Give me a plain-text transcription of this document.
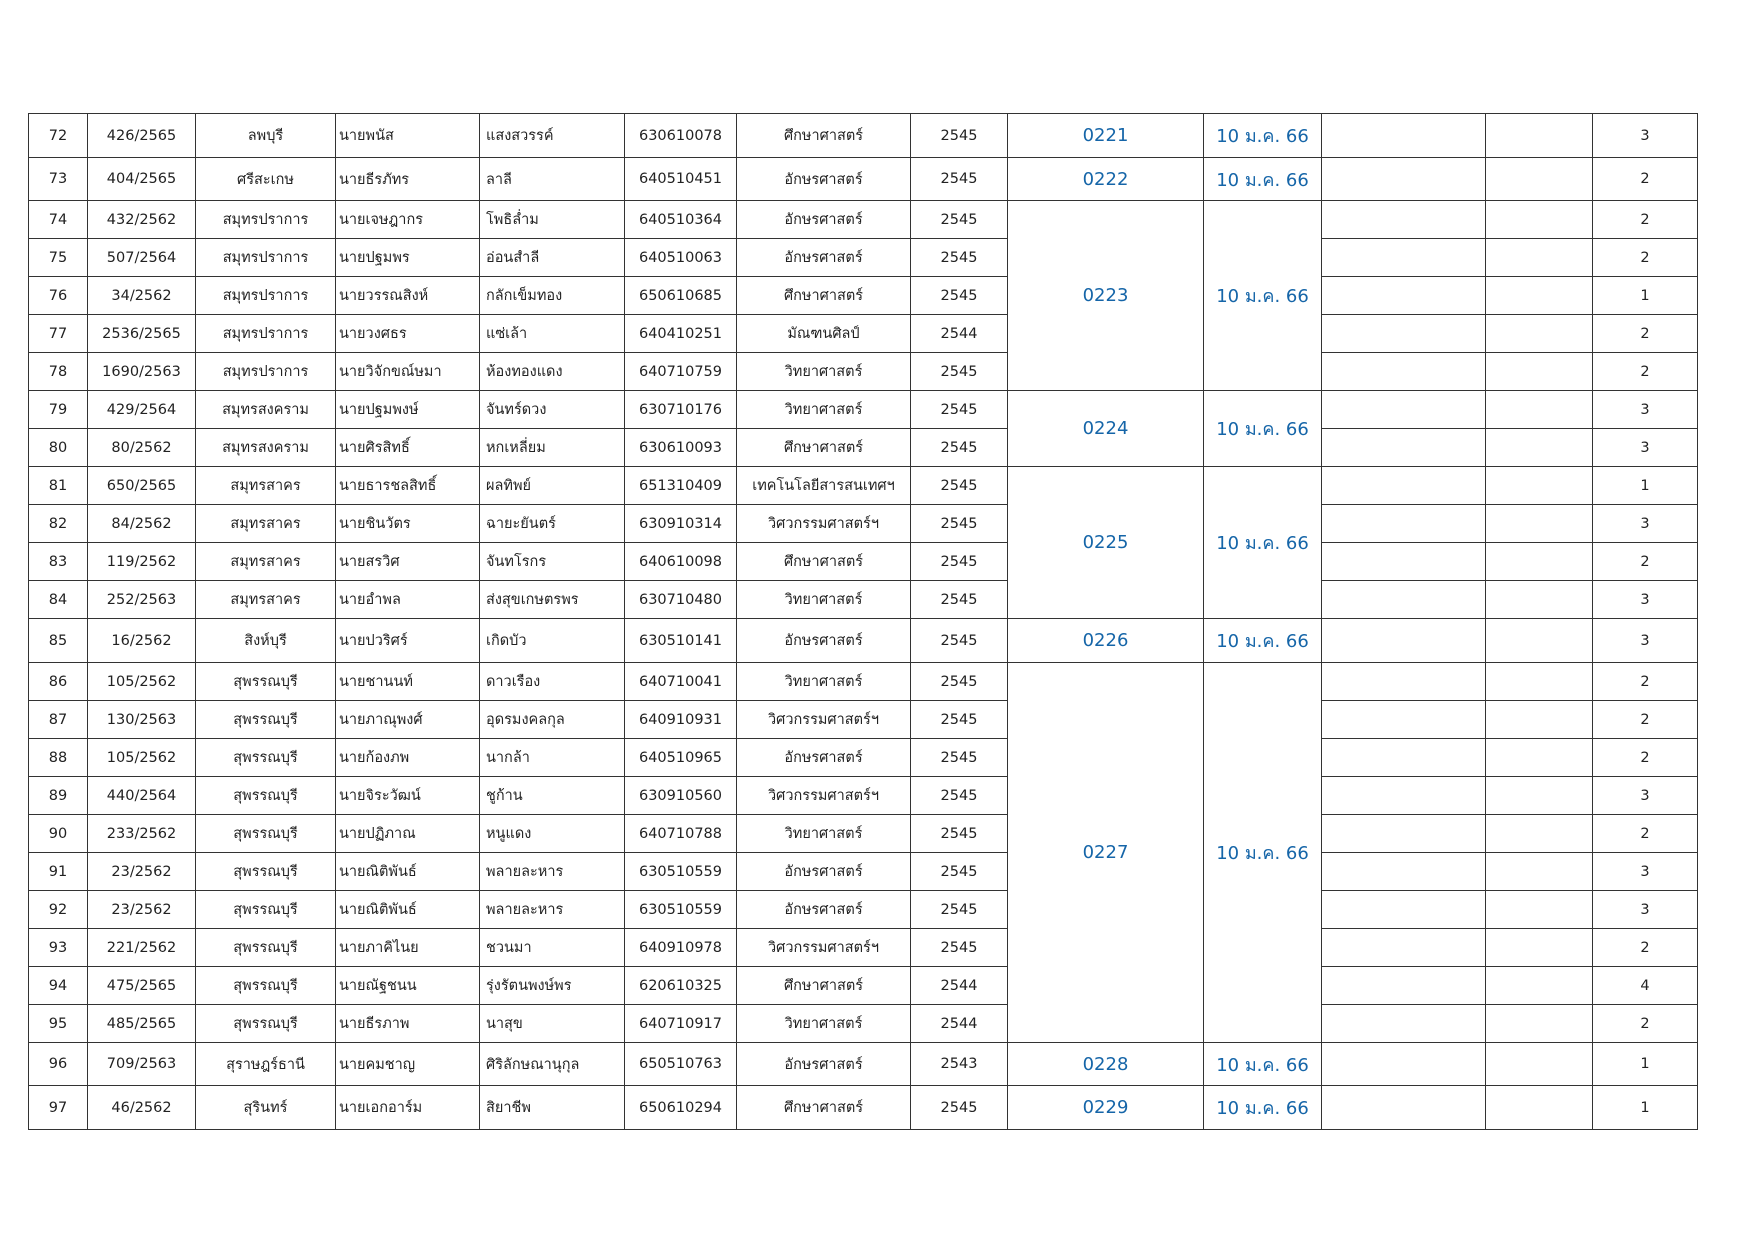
72	426/2565	ลพบุรี	นายพนัส	แสงสวรรค์	630610078	ศึกษาศาสตร์	2545	0221	10 ม.ค. 66			3
73	404/2565	ศรีสะเกษ	นายธีรภัทร	ลาลี	640510451	อักษรศาสตร์	2545	0222	10 ม.ค. 66			2
74	432/2562	สมุทรปราการ	นายเจษฎากร	โพธิล่ำม	640510364	อักษรศาสตร์	2545	0223	10 ม.ค. 66			2
75	507/2564	สมุทรปราการ	นายปฐมพร	อ่อนสำลี	640510063	อักษรศาสตร์	2545					2
76	34/2562	สมุทรปราการ	นายวรรณสิงห์	กลักเข็มทอง	650610685	ศึกษาศาสตร์	2545					1
77	2536/2565	สมุทรปราการ	นายวงศธร	แซ่เล้า	640410251	มัณฑนศิลป์	2544					2
78	1690/2563	สมุทรปราการ	นายวิจักขณ์ษมา	ห้องทองแดง	640710759	วิทยาศาสตร์	2545					2
79	429/2564	สมุทรสงคราม	นายปฐมพงษ์	จันทร์ดวง	630710176	วิทยาศาสตร์	2545	0224	10 ม.ค. 66			3
80	80/2562	สมุทรสงคราม	นายศิรสิทธิ์	หกเหลี่ยม	630610093	ศึกษาศาสตร์	2545					3
81	650/2565	สมุทรสาคร	นายธารชลสิทธิ์	ผลทิพย์	651310409	เทคโนโลยีสารสนเทศฯ	2545	0225	10 ม.ค. 66			1
82	84/2562	สมุทรสาคร	นายชินวัตร	ฉายะยันตร์	630910314	วิศวกรรมศาสตร์ฯ	2545					3
83	119/2562	สมุทรสาคร	นายสรวิศ	จันทโรกร	640610098	ศึกษาศาสตร์	2545					2
84	252/2563	สมุทรสาคร	นายอำพล	ส่งสุขเกษตรพร	630710480	วิทยาศาสตร์	2545					3
85	16/2562	สิงห์บุรี	นายปวริศร์	เกิดบัว	630510141	อักษรศาสตร์	2545	0226	10 ม.ค. 66			3
86	105/2562	สุพรรณบุรี	นายชานนท์	ดาวเรือง	640710041	วิทยาศาสตร์	2545	0227	10 ม.ค. 66			2
87	130/2563	สุพรรณบุรี	นายภาณุพงศ์	อุดรมงคลกุล	640910931	วิศวกรรมศาสตร์ฯ	2545					2
88	105/2562	สุพรรณบุรี	นายก้องภพ	นากล้า	640510965	อักษรศาสตร์	2545					2
89	440/2564	สุพรรณบุรี	นายจิระวัฒน์	ชูก้าน	630910560	วิศวกรรมศาสตร์ฯ	2545					3
90	233/2562	สุพรรณบุรี	นายปฏิภาณ	หนูแดง	640710788	วิทยาศาสตร์	2545					2
91	23/2562	สุพรรณบุรี	นายณิติพันธ์	พลายละหาร	630510559	อักษรศาสตร์	2545					3
92	23/2562	สุพรรณบุรี	นายณิติพันธ์	พลายละหาร	630510559	อักษรศาสตร์	2545					3
93	221/2562	สุพรรณบุรี	นายภาคิไนย	ชวนมา	640910978	วิศวกรรมศาสตร์ฯ	2545					2
94	475/2565	สุพรรณบุรี	นายณัฐชนน	รุ่งรัตนพงษ์พร	620610325	ศึกษาศาสตร์	2544					4
95	485/2565	สุพรรณบุรี	นายธีรภาพ	นาสุข	640710917	วิทยาศาสตร์	2544					2
96	709/2563	สุราษฎร์ธานี	นายคมชาญ	ศิริลักษณานุกุล	650510763	อักษรศาสตร์	2543	0228	10 ม.ค. 66			1
97	46/2562	สุรินทร์	นายเอกอาร์ม	สิยาชีพ	650610294	ศึกษาศาสตร์	2545	0229	10 ม.ค. 66			1
